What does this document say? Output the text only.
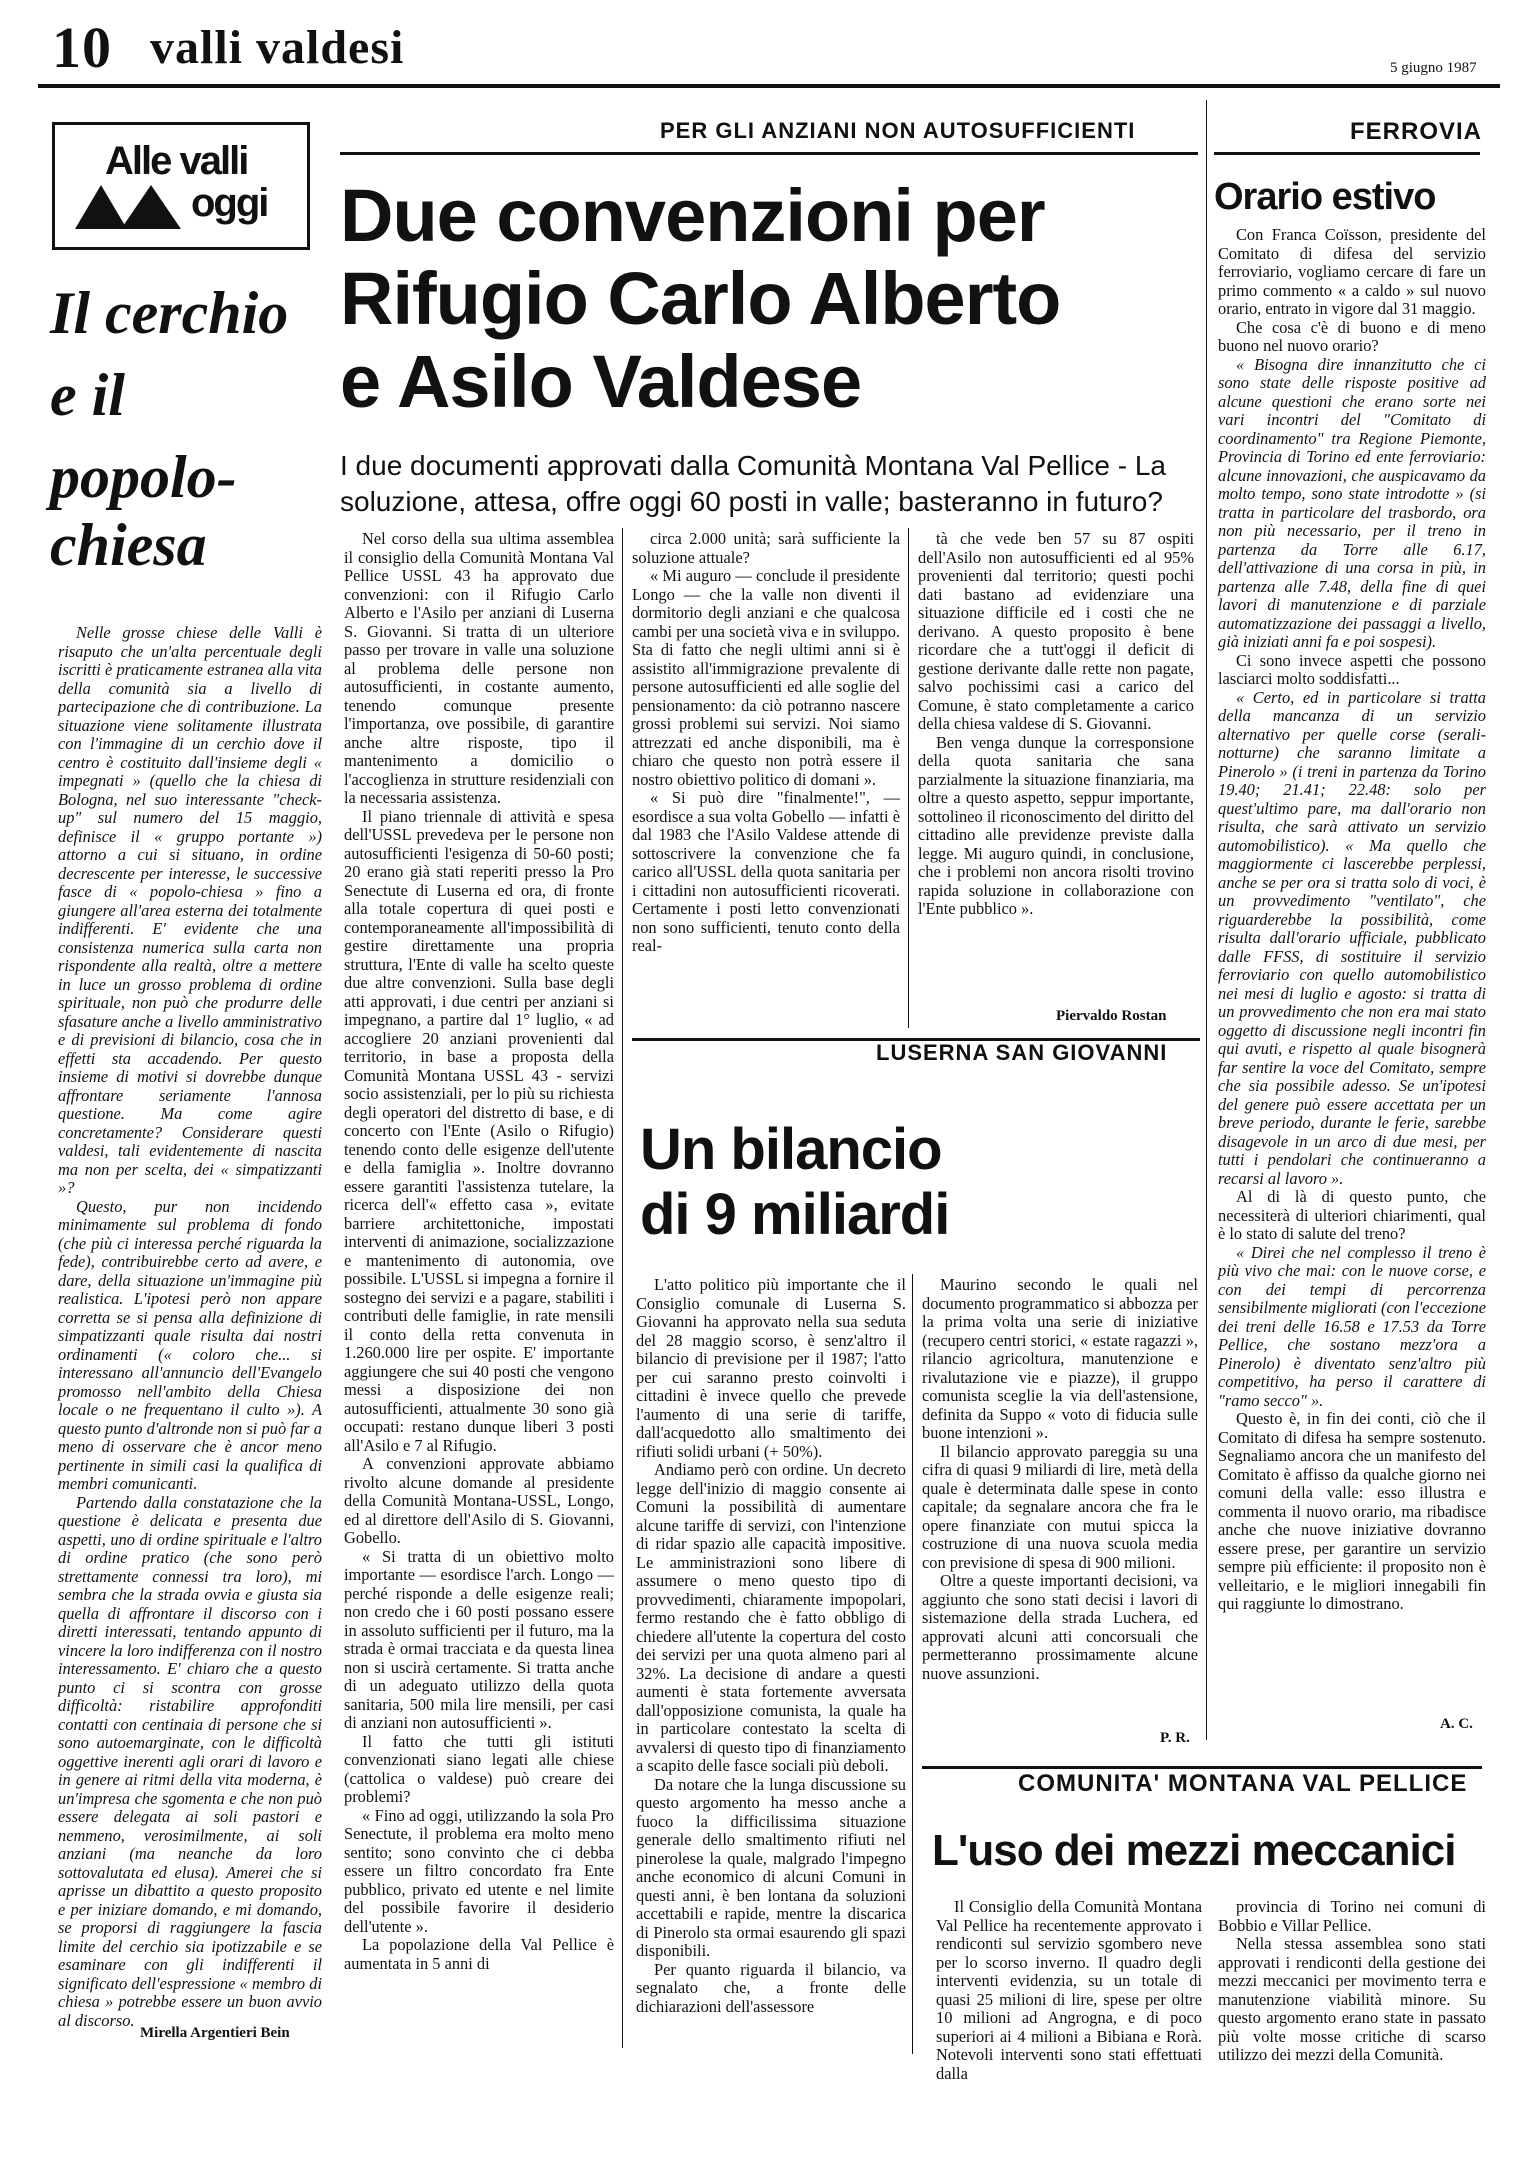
10 valli valdesi	5 giugno 1987
Alle valli
oggi
Il cerchio
e il
popolo-
chiesa

Nelle grosse chiese delle Valli è risaputo che un'alta percentuale degli iscritti è praticamente estranea alla vita della comunità sia a livello di partecipazione che di contribuzione. La situazione viene solitamente illustrata con l'immagine di un cerchio dove il centro è costituito dall'insieme degli « impegnati » (quello che la chiesa di Bologna, nel suo interessante "check-up" sul numero del 15 maggio, definisce il « gruppo portante ») attorno a cui si situano, in ordine decrescente per interesse, le successive fasce di « popolo-chiesa » fino a giungere all'area esterna dei totalmente indifferenti. E' evidente che una consistenza numerica sulla carta non rispondente alla realtà, oltre a mettere in luce un grosso problema di ordine spirituale, non può che produrre delle sfasature anche a livello amministrativo e di previsioni di bilancio, cosa che in effetti sta accadendo. Per questo insieme di motivi si dovrebbe dunque affrontare seriamente l'annosa questione. Ma come agire concretamente? Considerare questi valdesi, tali evidentemente di nascita ma non per scelta, dei « simpatizzanti »?

Questo, pur non incidendo minimamente sul problema di fondo (che più ci interessa perché riguarda la fede), contribuirebbe certo ad avere, e dare, della situazione un'immagine più realistica. L'ipotesi però non appare corretta se si pensa alla definizione di simpatizzanti quale risulta dai nostri ordinamenti (« coloro che... si interessano all'annuncio dell'Evangelo promosso nell'ambito della Chiesa locale o ne frequentano il culto »). A questo punto d'altronde non si può far a meno di osservare che è ancor meno pertinente in simili casi la qualifica di membri comunicanti.

Partendo dalla constatazione che la questione è delicata e presenta due aspetti, uno di ordine spirituale e l'altro di ordine pratico (che sono però strettamente connessi tra loro), mi sembra che la strada ovvia e giusta sia quella di affrontare il discorso con i diretti interessati, tentando appunto di vincere la loro indifferenza con il nostro interessamento. E' chiaro che a questo punto ci si scontra con grosse difficoltà: ristabilire approfonditi contatti con centinaia di persone che si sono autoemarginate, con le difficoltà oggettive inerenti agli orari di lavoro e in genere ai ritmi della vita moderna, è un'impresa che sgomenta e che non può essere delegata ai soli pastori e nemmeno, verosimilmente, ai soli anziani (ma neanche da loro sottovalutata ed elusa). Amerei che si aprisse un dibattito a questo proposito e per iniziare domando, e mi domando, se proporsi di raggiungere la fascia limite del cerchio sia ipotizzabile e se esaminare con gli indifferenti il significato dell'espressione « membro di chiesa » potrebbe essere un buon avvio al discorso.

Mirella Argentieri Bein
PER GLI ANZIANI NON AUTOSUFFICIENTI
Due convenzioni per
Rifugio Carlo Alberto
e Asilo Valdese
I due documenti approvati dalla Comunità Montana Val Pellice - La soluzione, attesa, offre oggi 60 posti in valle; basteranno in futuro?

Nel corso della sua ultima assemblea il consiglio della Comunità Montana Val Pellice USSL 43 ha approvato due convenzioni: con il Rifugio Carlo Alberto e l'Asilo per anziani di Luserna S. Giovanni. Si tratta di un ulteriore passo per trovare in valle una soluzione al problema delle persone non autosufficienti, in costante aumento, tenendo comunque presente l'importanza, ove possibile, di garantire anche altre risposte, tipo il mantenimento a domicilio o l'accoglienza in strutture residenziali con la necessaria assistenza.

Il piano triennale di attività e spesa dell'USSL prevedeva per le persone non autosufficienti l'esigenza di 50-60 posti; 20 erano già stati reperiti presso la Pro Senectute di Luserna ed ora, di fronte alla totale copertura di quei posti e contemporaneamente all'impossibilità di gestire direttamente una propria struttura, l'Ente di valle ha scelto queste due altre convenzioni. Sulla base degli atti approvati, i due centri per anziani si impegnano, a partire dal 1° luglio, « ad accogliere 20 anziani provenienti dal territorio, in base a proposta della Comunità Montana USSL 43 - servizi socio assistenziali, per lo più su richiesta degli operatori del distretto di base, e di concerto con l'Ente (Asilo o Rifugio) tenendo conto delle esigenze dell'utente e della famiglia ». Inoltre dovranno essere garantiti l'assistenza tutelare, la ricerca dell'« effetto casa », evitate barriere architettoniche, impostati interventi di animazione, socializzazione e mantenimento di autonomia, ove possibile. L'USSL si impegna a fornire il sostegno dei servizi e a pagare, stabiliti i contributi delle famiglie, in rate mensili il conto della retta convenuta in 1.260.000 lire per ospite. E' importante aggiungere che sui 40 posti che vengono messi a disposizione dei non autosufficienti, attualmente 30 sono già occupati: restano dunque liberi 3 posti all'Asilo e 7 al Rifugio.

A convenzioni approvate abbiamo rivolto alcune domande al presidente della Comunità Montana-USSL, Longo, ed al direttore dell'Asilo di S. Giovanni, Gobello.

« Si tratta di un obiettivo molto importante — esordisce l'arch. Longo — perché risponde a delle esigenze reali; non credo che i 60 posti possano essere in assoluto sufficienti per il futuro, ma la strada è ormai tracciata e da questa linea non si uscirà certamente. Si tratta anche di un adeguato utilizzo della quota sanitaria, 500 mila lire mensili, per casi di anziani non autosufficienti ».

Il fatto che tutti gli istituti convenzionati siano legati alle chiese (cattolica o valdese) può creare dei problemi?

« Fino ad oggi, utilizzando la sola Pro Senectute, il problema era molto meno sentito; sono convinto che ci debba essere un filtro concordato fra Ente pubblico, privato ed utente e nel limite del possibile favorire il desiderio dell'utente ».

La popolazione della Val Pellice è aumentata in 5 anni di

circa 2.000 unità; sarà sufficiente la soluzione attuale?

« Mi auguro — conclude il presidente Longo — che la valle non diventi il dormitorio degli anziani e che qualcosa cambi per una società viva e in sviluppo. Sta di fatto che negli ultimi anni si è assistito all'immigrazione prevalente di persone autosufficienti ed alle soglie del pensionamento: da ciò potranno nascere grossi problemi sui servizi. Noi siamo attrezzati ed anche disponibili, ma è chiaro che questo non potrà essere il nostro obiettivo politico di domani ».

« Si può dire "finalmente!", — esordisce a sua volta Gobello — infatti è dal 1983 che l'Asilo Valdese attende di sottoscrivere la convenzione che fa carico all'USSL della quota sanitaria per i cittadini non autosufficienti ricoverati. Certamente i posti letto convenzionati non sono sufficienti, tenuto conto della real-

tà che vede ben 57 su 87 ospiti dell'Asilo non autosufficienti ed al 95% provenienti dal territorio; questi pochi dati bastano ad evidenziare una situazione difficile ed i costi che ne derivano. A questo proposito è bene ricordare che a tutt'oggi il deficit di gestione derivante dalle rette non pagate, salvo pochissimi casi a carico del Comune, è stato completamente a carico della chiesa valdese di S. Giovanni.

Ben venga dunque la corresponsione della quota sanitaria che sana parzialmente la situazione finanziaria, ma oltre a questo aspetto, seppur importante, sottolineo il riconoscimento del diritto del cittadino alle previdenze previste dalla legge. Mi auguro quindi, in conclusione, che i problemi non ancora risolti trovino rapida soluzione in collaborazione con l'Ente pubblico ».

Piervaldo Rostan
LUSERNA SAN GIOVANNI
Un bilancio
di 9 miliardi

L'atto politico più importante che il Consiglio comunale di Luserna S. Giovanni ha approvato nella sua seduta del 28 maggio scorso, è senz'altro il bilancio di previsione per il 1987; l'atto per cui saranno presto coinvolti i cittadini è invece quello che prevede l'aumento di una serie di tariffe, dall'acquedotto allo smaltimento dei rifiuti solidi urbani (+ 50%).

Andiamo però con ordine. Un decreto legge dell'inizio di maggio consente ai Comuni la possibilità di aumentare alcune tariffe di servizi, con l'intenzione di ridar spazio alle capacità impositive. Le amministrazioni sono libere di assumere o meno questo tipo di provvedimenti, chiaramente impopolari, fermo restando che è fatto obbligo di chiedere all'utente la copertura del costo dei servizi per una quota almeno pari al 32%. La decisione di andare a questi aumenti è stata fortemente avversata dall'opposizione comunista, la quale ha in particolare contestato la scelta di avvalersi di questo tipo di finanziamento a scapito delle fasce sociali più deboli.

Da notare che la lunga discussione su questo argomento ha messo anche a fuoco la difficilissima situazione generale dello smaltimento rifiuti nel pinerolese la quale, malgrado l'impegno anche economico di alcuni Comuni in questi anni, è ben lontana da soluzioni accettabili e rapide, mentre la discarica di Pinerolo sta ormai esaurendo gli spazi disponibili.

Per quanto riguarda il bilancio, va segnalato che, a fronte delle dichiarazioni dell'assessore

Maurino secondo le quali nel documento programmatico si abbozza per la prima volta una serie di iniziative (recupero centri storici, « estate ragazzi », rilancio agricoltura, manutenzione e rivalutazione vie e piazze), il gruppo comunista sceglie la via dell'astensione, definita da Suppo « voto di fiducia sulle buone intenzioni ».

Il bilancio approvato pareggia su una cifra di quasi 9 miliardi di lire, metà della quale è determinata dalle spese in conto capitale; da segnalare ancora che fra le opere finanziate con mutui spicca la costruzione di una nuova scuola media con previsione di spesa di 900 milioni.

Oltre a queste importanti decisioni, va aggiunto che sono stati decisi i lavori di sistemazione della strada Luchera, ed approvati alcuni atti concorsuali che permetteranno prossimamente alcune nuove assunzioni.

P. R.
FERROVIA
Orario estivo

Con Franca Coïsson, presidente del Comitato di difesa del servizio ferroviario, vogliamo cercare di fare un primo commento « a caldo » sul nuovo orario, entrato in vigore dal 31 maggio.

Che cosa c'è di buono e di meno buono nel nuovo orario?

« Bisogna dire innanzitutto che ci sono state delle risposte positive ad alcune questioni che erano sorte nei vari incontri del "Comitato di coordinamento" tra Regione Piemonte, Provincia di Torino ed ente ferroviario: alcune innovazioni, che auspicavamo da molto tempo, sono state introdotte » (si tratta in particolare del trasbordo, ora non più necessario, per il treno in partenza da Torre alle 6.17, dell'attivazione di una corsa in più, in partenza alle 7.48, della fine di quei lavori di manutenzione e di parziale automatizzazione dei passaggi a livello, già iniziati anni fa e poi sospesi).

Ci sono invece aspetti che possono lasciarci molto soddisfatti...

« Certo, ed in particolare si tratta della mancanza di un servizio alternativo per quelle corse (serali-notturne) che saranno limitate a Pinerolo » (i treni in partenza da Torino 19.40; 21.41; 22.48: solo per quest'ultimo pare, ma dall'orario non risulta, che sarà attivato un servizio automobilistico). « Ma quello che maggiormente ci lascerebbe perplessi, anche se per ora si tratta solo di voci, è un provvedimento "ventilato", che riguarderebbe la possibilità, come risulta dall'orario ufficiale, pubblicato dalle FFSS, di sostituire il servizio ferroviario con quello automobilistico nei mesi di luglio e agosto: si tratta di un provvedimento che non era mai stato oggetto di discussione negli incontri fin qui avuti, e rispetto al quale bisognerà far sentire la voce del Comitato, sempre che sia possibile adesso. Se un'ipotesi del genere può essere accettata per un breve periodo, durante le ferie, sarebbe disagevole in un arco di due mesi, per tutti i pendolari che continueranno a recarsi al lavoro ».

Al di là di questo punto, che necessiterà di ulteriori chiarimenti, qual è lo stato di salute del treno?

« Direi che nel complesso il treno è più vivo che mai: con le nuove corse, e con dei tempi di percorrenza sensibilmente migliorati (con l'eccezione dei treni delle 16.58 e 17.53 da Torre Pellice, che sostano mezz'ora a Pinerolo) è diventato senz'altro più competitivo, ha perso il carattere di "ramo secco" ».

Questo è, in fin dei conti, ciò che il Comitato di difesa ha sempre sostenuto. Segnaliamo ancora che un manifesto del Comitato è affisso da qualche giorno nei comuni della valle: esso illustra e commenta il nuovo orario, ma ribadisce anche che nuove iniziative dovranno essere prese, per garantire un servizio sempre più efficiente: il proposito non è velleitario, e le migliori innegabili fin qui raggiunte lo dimostrano.

A. C.
COMUNITA' MONTANA VAL PELLICE
L'uso dei mezzi meccanici

Il Consiglio della Comunità Montana Val Pellice ha recentemente approvato i rendiconti sul servizio sgombero neve per lo scorso inverno. Il quadro degli interventi evidenzia, su un totale di quasi 25 milioni di lire, spese per oltre 10 milioni ad Angrogna, e di poco superiori ai 4 milioni a Bibiana e Rorà. Notevoli interventi sono stati effettuati dalla

provincia di Torino nei comuni di Bobbio e Villar Pellice.

Nella stessa assemblea sono stati approvati i rendiconti della gestione dei mezzi meccanici per movimento terra e manutenzione viabilità minore. Su questo argomento erano state in passato più volte mosse critiche di scarso utilizzo dei mezzi della Comunità.
